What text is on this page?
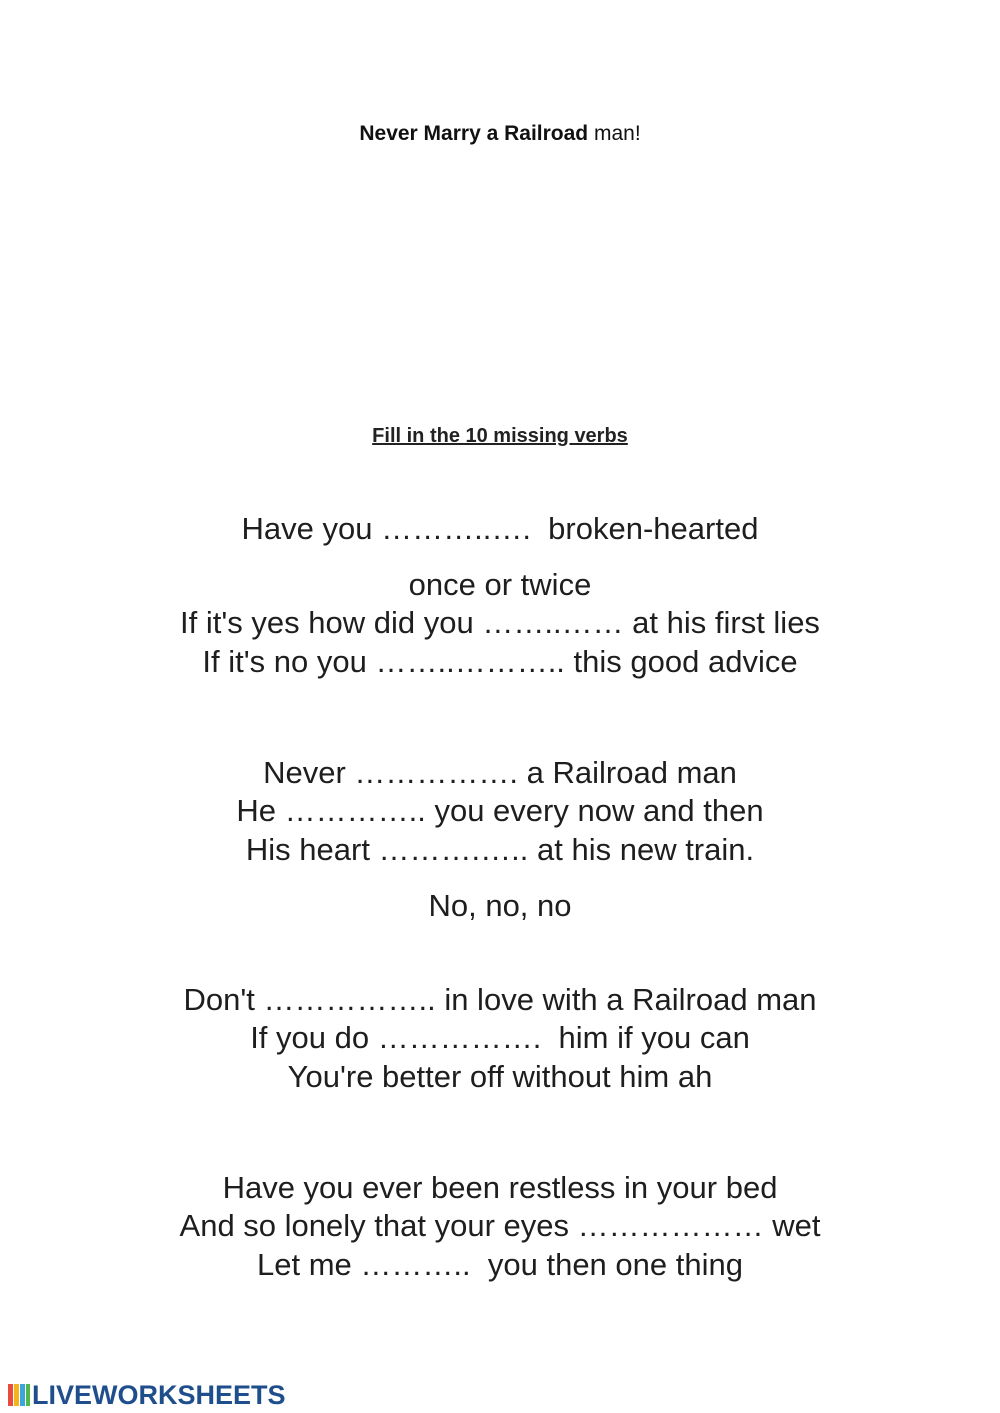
Never Marry a Railroad man!
Fill in the 10 missing verbs
Have you ………..….  broken-hearted
once or twice
If it's yes how did you ……..…… at his first lies
If it's no you ……..……….. this good advice
Never ……………. a Railroad man
He ………….. you every now and then
His heart ……….….. at his new train.
No, no, no
Don't …………….. in love with a Railroad man
If you do …………….  him if you can
You're better off without him ah
Have you ever been restless in your bed
And so lonely that your eyes ……………… wet
Let me ………..  you then one thing
LIVEWORKSHEETS
